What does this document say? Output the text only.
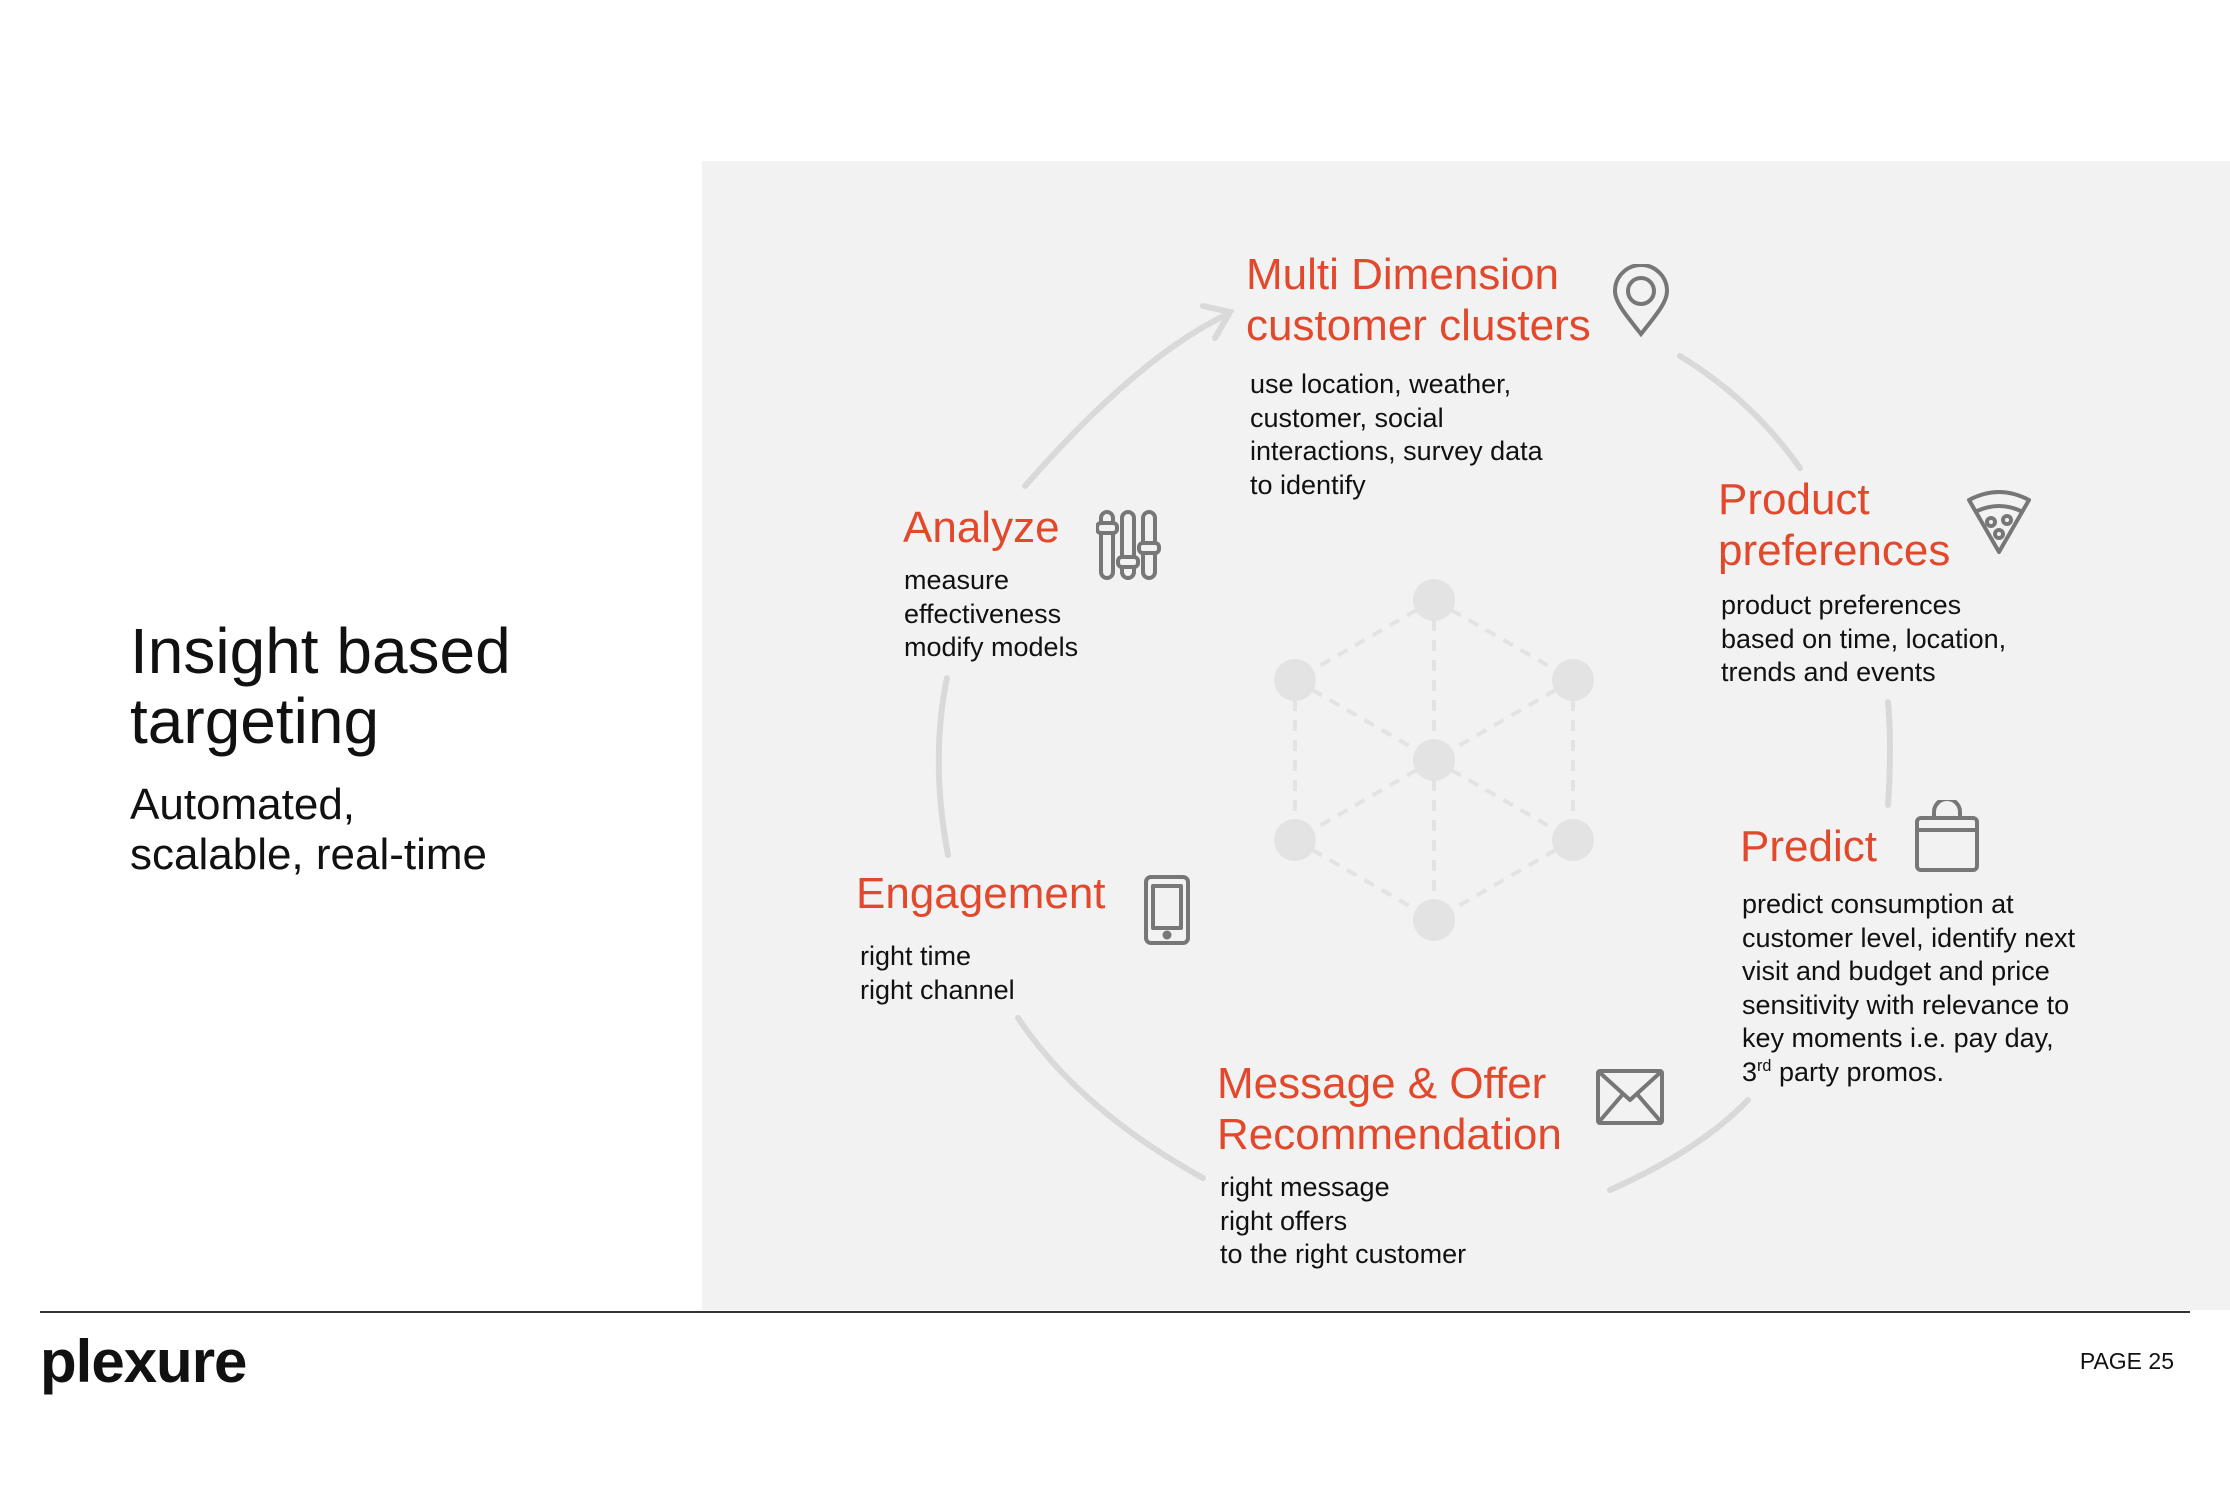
Insight based
targeting
Automated,
scalable, real-time
Multi Dimension
customer clusters
use location, weather,
customer, social
interactions, survey data
to identify	Product
preferences
product preferences
based on time, location,
trends and events
Predict
predict consumption at
customer level, identify next
visit and budget and price
sensitivity with relevance to
key moments i.e. pay day,
3rd party promos.
Message & Offer
Recommendation
right message
right offers
to the right customer
Engagement
right time
right channel
Analyze
measure
effectiveness
modify models
plexure	PAGE 25
